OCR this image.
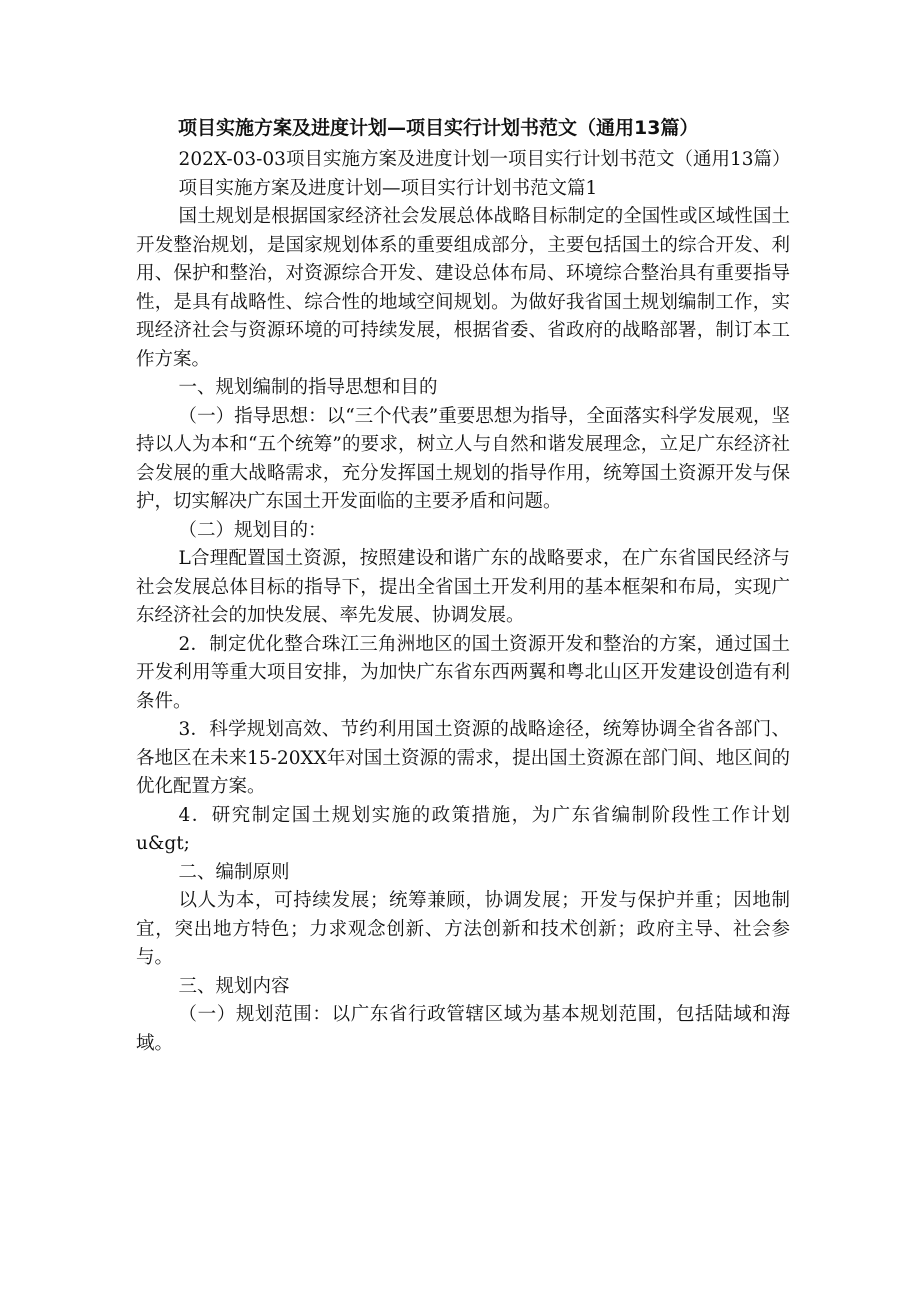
项目实施方案及进度计划—项目实行计划书范文（通用13篇）

202X-03-03项目实施方案及进度计划一项目实行计划书范文（通用13篇）

项目实施方案及进度计划—项目实行计划书范文篇1

国土规划是根据国家经济社会发展总体战略目标制定的全国性或区域性国土开发整治规划，是国家规划体系的重要组成部分，主要包括国土的综合开发、利用、保护和整治，对资源综合开发、建设总体布局、环境综合整治具有重要指导性，是具有战略性、综合性的地域空间规划。为做好我省国土规划编制工作，实现经济社会与资源环境的可持续发展，根据省委、省政府的战略部署，制订本工作方案。

一、规划编制的指导思想和目的

（一）指导思想：以“三个代表”重要思想为指导，全面落实科学发展观，坚持以人为本和“五个统筹”的要求，树立人与自然和谐发展理念，立足广东经济社会发展的重大战略需求，充分发挥国土规划的指导作用，统筹国土资源开发与保护，切实解决广东国土开发面临的主要矛盾和问题。

（二）规划目的：

L合理配置国土资源，按照建设和谐广东的战略要求，在广东省国民经济与社会发展总体目标的指导下，提出全省国土开发利用的基本框架和布局，实现广东经济社会的加快发展、率先发展、协调发展。

2．制定优化整合珠江三角洲地区的国土资源开发和整治的方案，通过国土开发利用等重大项目安排，为加快广东省东西两翼和粤北山区开发建设创造有利条件。

3．科学规划高效、节约利用国土资源的战略途径，统筹协调全省各部门、各地区在未来15-20XX年对国土资源的需求，提出国土资源在部门间、地区间的优化配置方案。

4．研究制定国土规划实施的政策措施，为广东省编制阶段性工作计划u&gt;

二、编制原则

以人为本，可持续发展；统筹兼顾，协调发展；开发与保护并重；因地制宜，突出地方特色；力求观念创新、方法创新和技术创新；政府主导、社会参与。

三、规划内容

（一）规划范围：以广东省行政管辖区域为基本规划范围，包括陆域和海域。
